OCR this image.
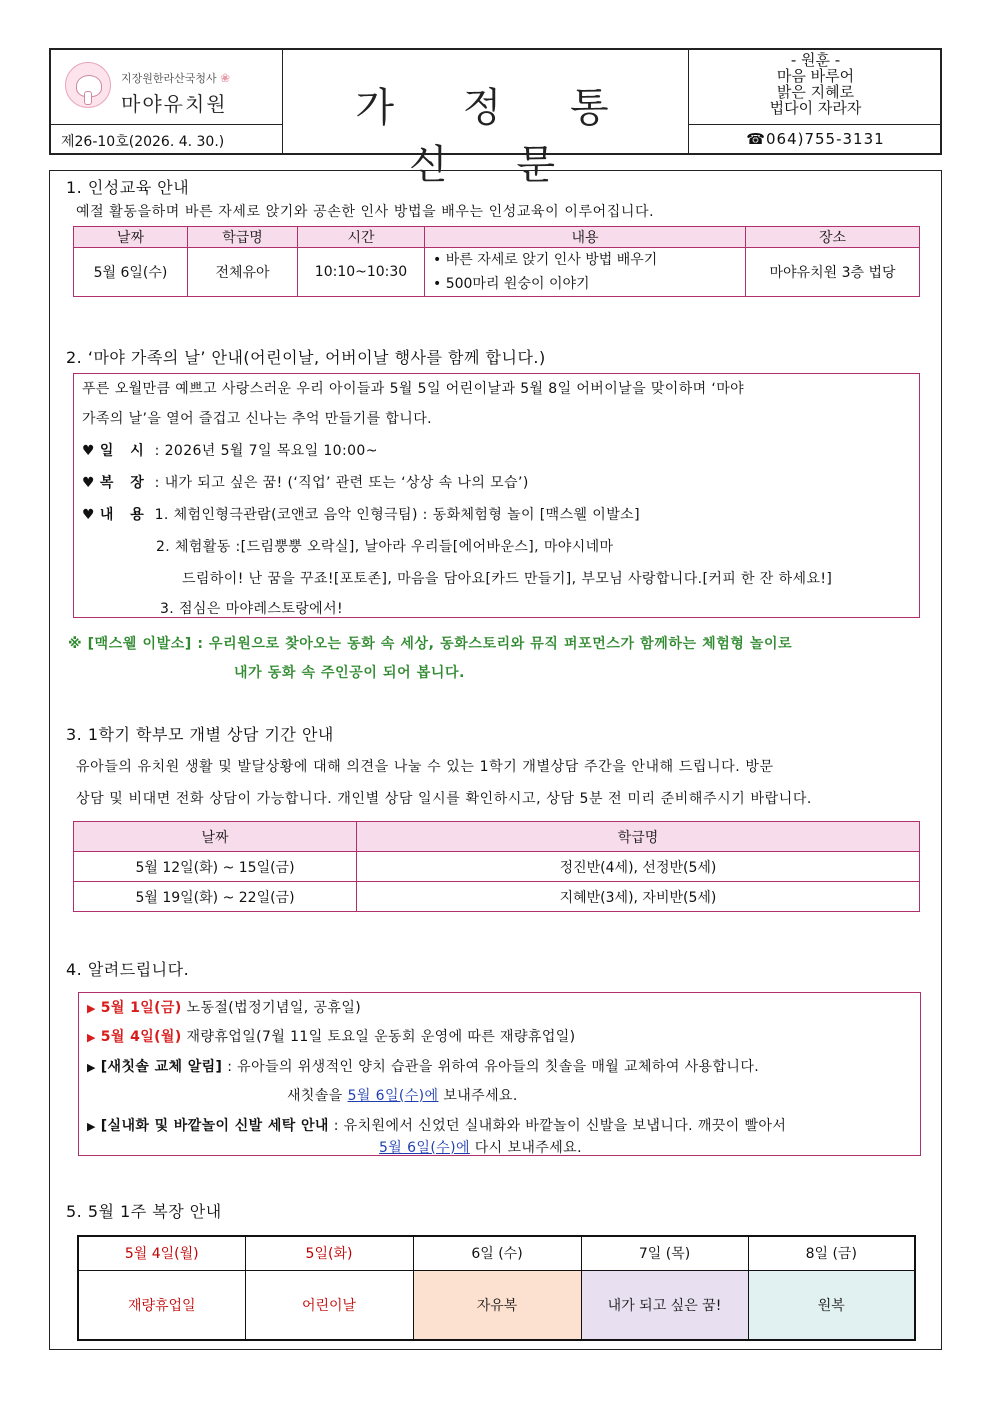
지장원한라산국청사 ❀
마야유치원	가 정 통 신 문
- 원훈 -
마음 바루어
밝은 지혜로
법다이 자라자
제26-10호(2026. 4. 30.)	☎064)755-3131
1. 인성교육 안내
예절 활동을하며 바른 자세로 앉기와 공손한 인사 방법을 배우는 인성교육이 이루어집니다.
날짜	학급명	시간	내용	장소
5월 6일(수)	전체유아	10:10~10:30	• 바른 자세로 앉기 인사 방법 배우기
• 500마리 원숭이 이야기	마야유치원 3층 법당
2. ‘마야 가족의 날’ 안내(어린이날, 어버이날 행사를 함께 합니다.)
푸른 오월만큼 예쁘고 사랑스러운 우리 아이들과 5월 5일 어린이날과 5월 8일 어버이날을 맞이하며 ‘마야
가족의 날’을 열어 즐겁고 신나는 추억 만들기를 합니다.
♥ 일 시 : 2026년 5월 7일 목요일 10:00~
♥ 복 장 : 내가 되고 싶은 꿈! (‘직업’ 관련 또는 ‘상상 속 나의 모습’)
♥ 내 용 1. 체험인형극관람(코앤코 음악 인형극팀) : 동화체험형 놀이 [맥스웰 이발소]
2. 체험활동 :[드림뿡뿡 오락실], 날아라 우리들[에어바운스], 마야시네마
드림하이! 난 꿈을 꾸죠![포토존], 마음을 담아요[카드 만들기], 부모님 사랑합니다.[커피 한 잔 하세요!]
3. 점심은 마야레스토랑에서!
※ [맥스웰 이발소] : 우리원으로 찾아오는 동화 속 세상, 동화스토리와 뮤직 퍼포먼스가 함께하는 체험형 놀이로
내가 동화 속 주인공이 되어 봅니다.
3. 1학기 학부모 개별 상담 기간 안내
유아들의 유치원 생활 및 발달상황에 대해 의견을 나눌 수 있는 1학기 개별상담 주간을 안내해 드립니다. 방문
상담 및 비대면 전화 상담이 가능합니다. 개인별 상담 일시를 확인하시고, 상담 5분 전 미리 준비해주시기 바랍니다.
날짜	학급명
5월 12일(화) ~ 15일(금)	정진반(4세), 선정반(5세)
5월 19일(화) ~ 22일(금)	지혜반(3세), 자비반(5세)
4. 알려드립니다.
▶ 5월 1일(금) 노동절(법정기념일, 공휴일)
▶ 5월 4일(월) 재량휴업일(7월 11일 토요일 운동회 운영에 따른 재량휴업일)
▶ [새칫솔 교체 알림] : 유아들의 위생적인 양치 습관을 위하여 유아들의 칫솔을 매월 교체하여 사용합니다.
새칫솔을 5월 6일(수)에 보내주세요.
▶ [실내화 및 바깥놀이 신발 세탁 안내 : 유치원에서 신었던 실내화와 바깥놀이 신발을 보냅니다. 깨끗이 빨아서
5월 6일(수)에 다시 보내주세요.
5. 5월 1주 복장 안내
5월 4일(월)	5일(화)	6일 (수)	7일 (목)	8일 (금)
재량휴업일	어린이날	자유복	내가 되고 싶은 꿈!	원복
